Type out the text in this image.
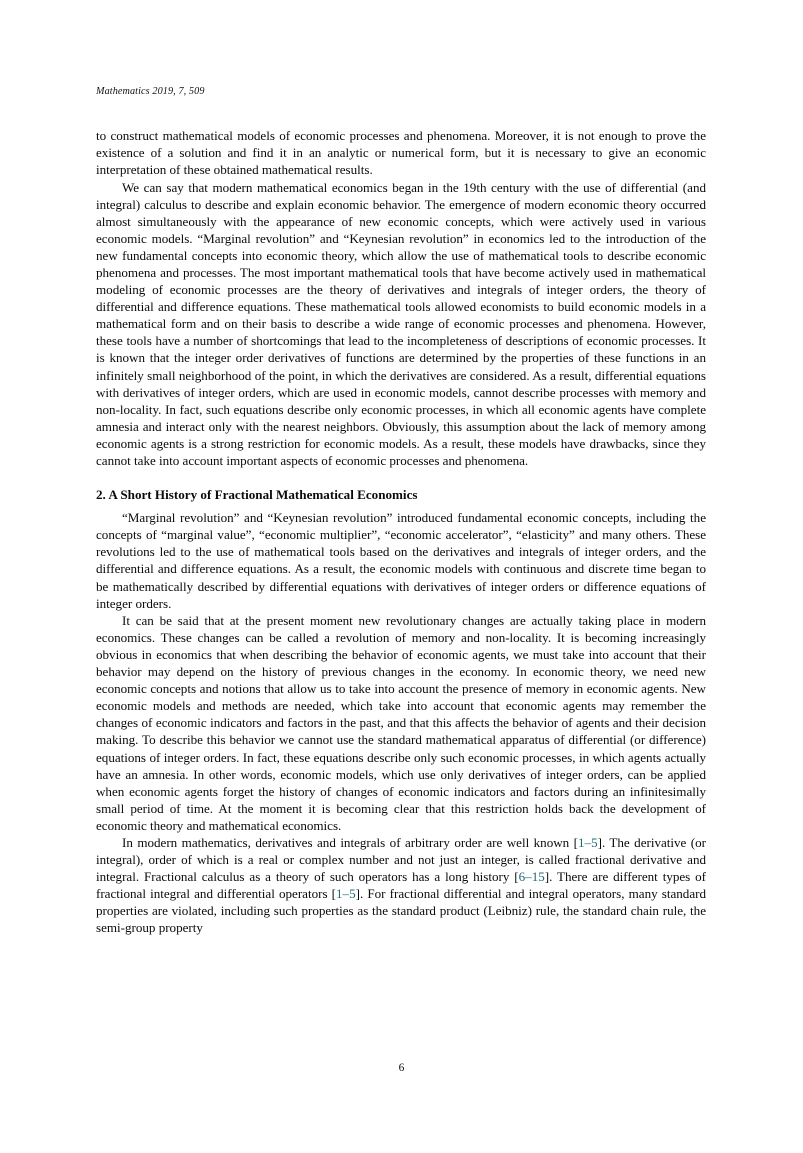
Mathematics 2019, 7, 509

to construct mathematical models of economic processes and phenomena. Moreover, it is not enough to prove the existence of a solution and find it in an analytic or numerical form, but it is necessary to give an economic interpretation of these obtained mathematical results.

We can say that modern mathematical economics began in the 19th century with the use of differential (and integral) calculus to describe and explain economic behavior. The emergence of modern economic theory occurred almost simultaneously with the appearance of new economic concepts, which were actively used in various economic models. “Marginal revolution” and “Keynesian revolution” in economics led to the introduction of the new fundamental concepts into economic theory, which allow the use of mathematical tools to describe economic phenomena and processes. The most important mathematical tools that have become actively used in mathematical modeling of economic processes are the theory of derivatives and integrals of integer orders, the theory of differential and difference equations. These mathematical tools allowed economists to build economic models in a mathematical form and on their basis to describe a wide range of economic processes and phenomena. However, these tools have a number of shortcomings that lead to the incompleteness of descriptions of economic processes. It is known that the integer order derivatives of functions are determined by the properties of these functions in an infinitely small neighborhood of the point, in which the derivatives are considered. As a result, differential equations with derivatives of integer orders, which are used in economic models, cannot describe processes with memory and non-locality. In fact, such equations describe only economic processes, in which all economic agents have complete amnesia and interact only with the nearest neighbors. Obviously, this assumption about the lack of memory among economic agents is a strong restriction for economic models. As a result, these models have drawbacks, since they cannot take into account important aspects of economic processes and phenomena.

2. A Short History of Fractional Mathematical Economics

“Marginal revolution” and “Keynesian revolution” introduced fundamental economic concepts, including the concepts of “marginal value”, “economic multiplier”, “economic accelerator”, “elasticity” and many others. These revolutions led to the use of mathematical tools based on the derivatives and integrals of integer orders, and the differential and difference equations. As a result, the economic models with continuous and discrete time began to be mathematically described by differential equations with derivatives of integer orders or difference equations of integer orders.

It can be said that at the present moment new revolutionary changes are actually taking place in modern economics. These changes can be called a revolution of memory and non-locality. It is becoming increasingly obvious in economics that when describing the behavior of economic agents, we must take into account that their behavior may depend on the history of previous changes in the economy. In economic theory, we need new economic concepts and notions that allow us to take into account the presence of memory in economic agents. New economic models and methods are needed, which take into account that economic agents may remember the changes of economic indicators and factors in the past, and that this affects the behavior of agents and their decision making. To describe this behavior we cannot use the standard mathematical apparatus of differential (or difference) equations of integer orders. In fact, these equations describe only such economic processes, in which agents actually have an amnesia. In other words, economic models, which use only derivatives of integer orders, can be applied when economic agents forget the history of changes of economic indicators and factors during an infinitesimally small period of time. At the moment it is becoming clear that this restriction holds back the development of economic theory and mathematical economics.

In modern mathematics, derivatives and integrals of arbitrary order are well known [1–5]. The derivative (or integral), order of which is a real or complex number and not just an integer, is called fractional derivative and integral. Fractional calculus as a theory of such operators has a long history [6–15]. There are different types of fractional integral and differential operators [1–5]. For fractional differential and integral operators, many standard properties are violated, including such properties as the standard product (Leibniz) rule, the standard chain rule, the semi-group property

6
